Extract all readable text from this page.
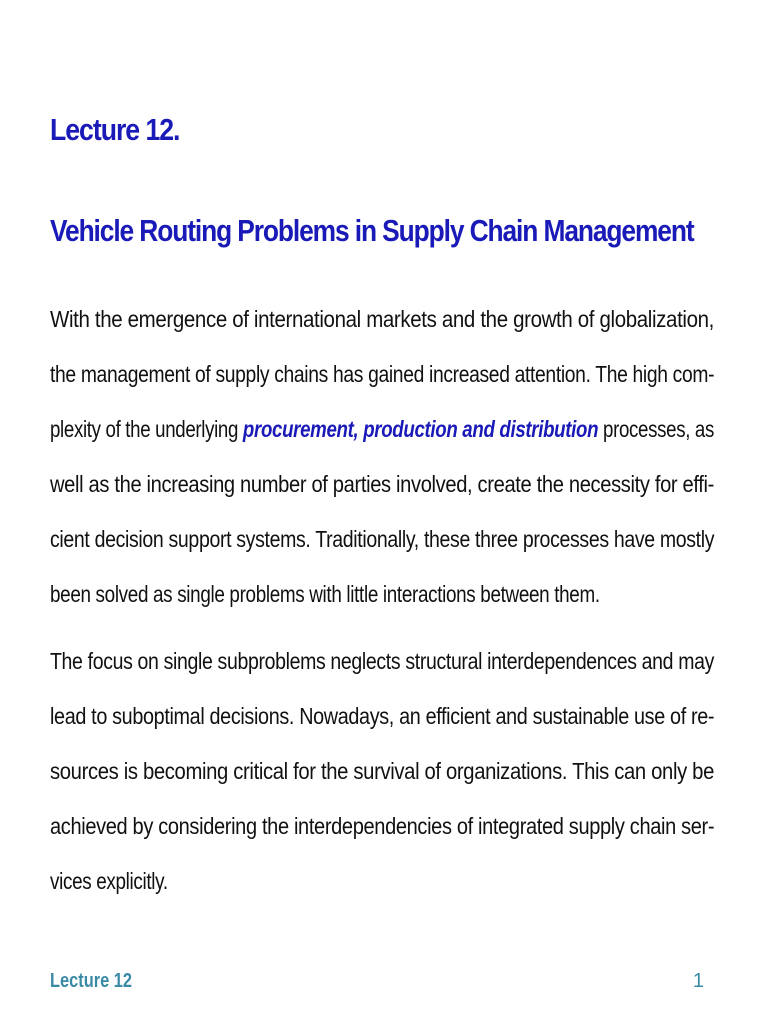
Lecture 12.
Vehicle Routing Problems in Supply Chain Management

With the emergence of international markets and the growth of globalization,

the management of supply chains has gained increased attention. The high com-

plexity of the underlying procurement, production and distribution processes, as

well as the increasing number of parties involved, create the necessity for effi-

cient decision support systems. Traditionally, these three processes have mostly

been solved as single problems with little interactions between them.

The focus on single subproblems neglects structural interdependences and may

lead to suboptimal decisions. Nowadays, an efficient and sustainable use of re-

sources is becoming critical for the survival of organizations. This can only be

achieved by considering the interdependencies of integrated supply chain ser-

vices explicitly.

Lecture 12	1
